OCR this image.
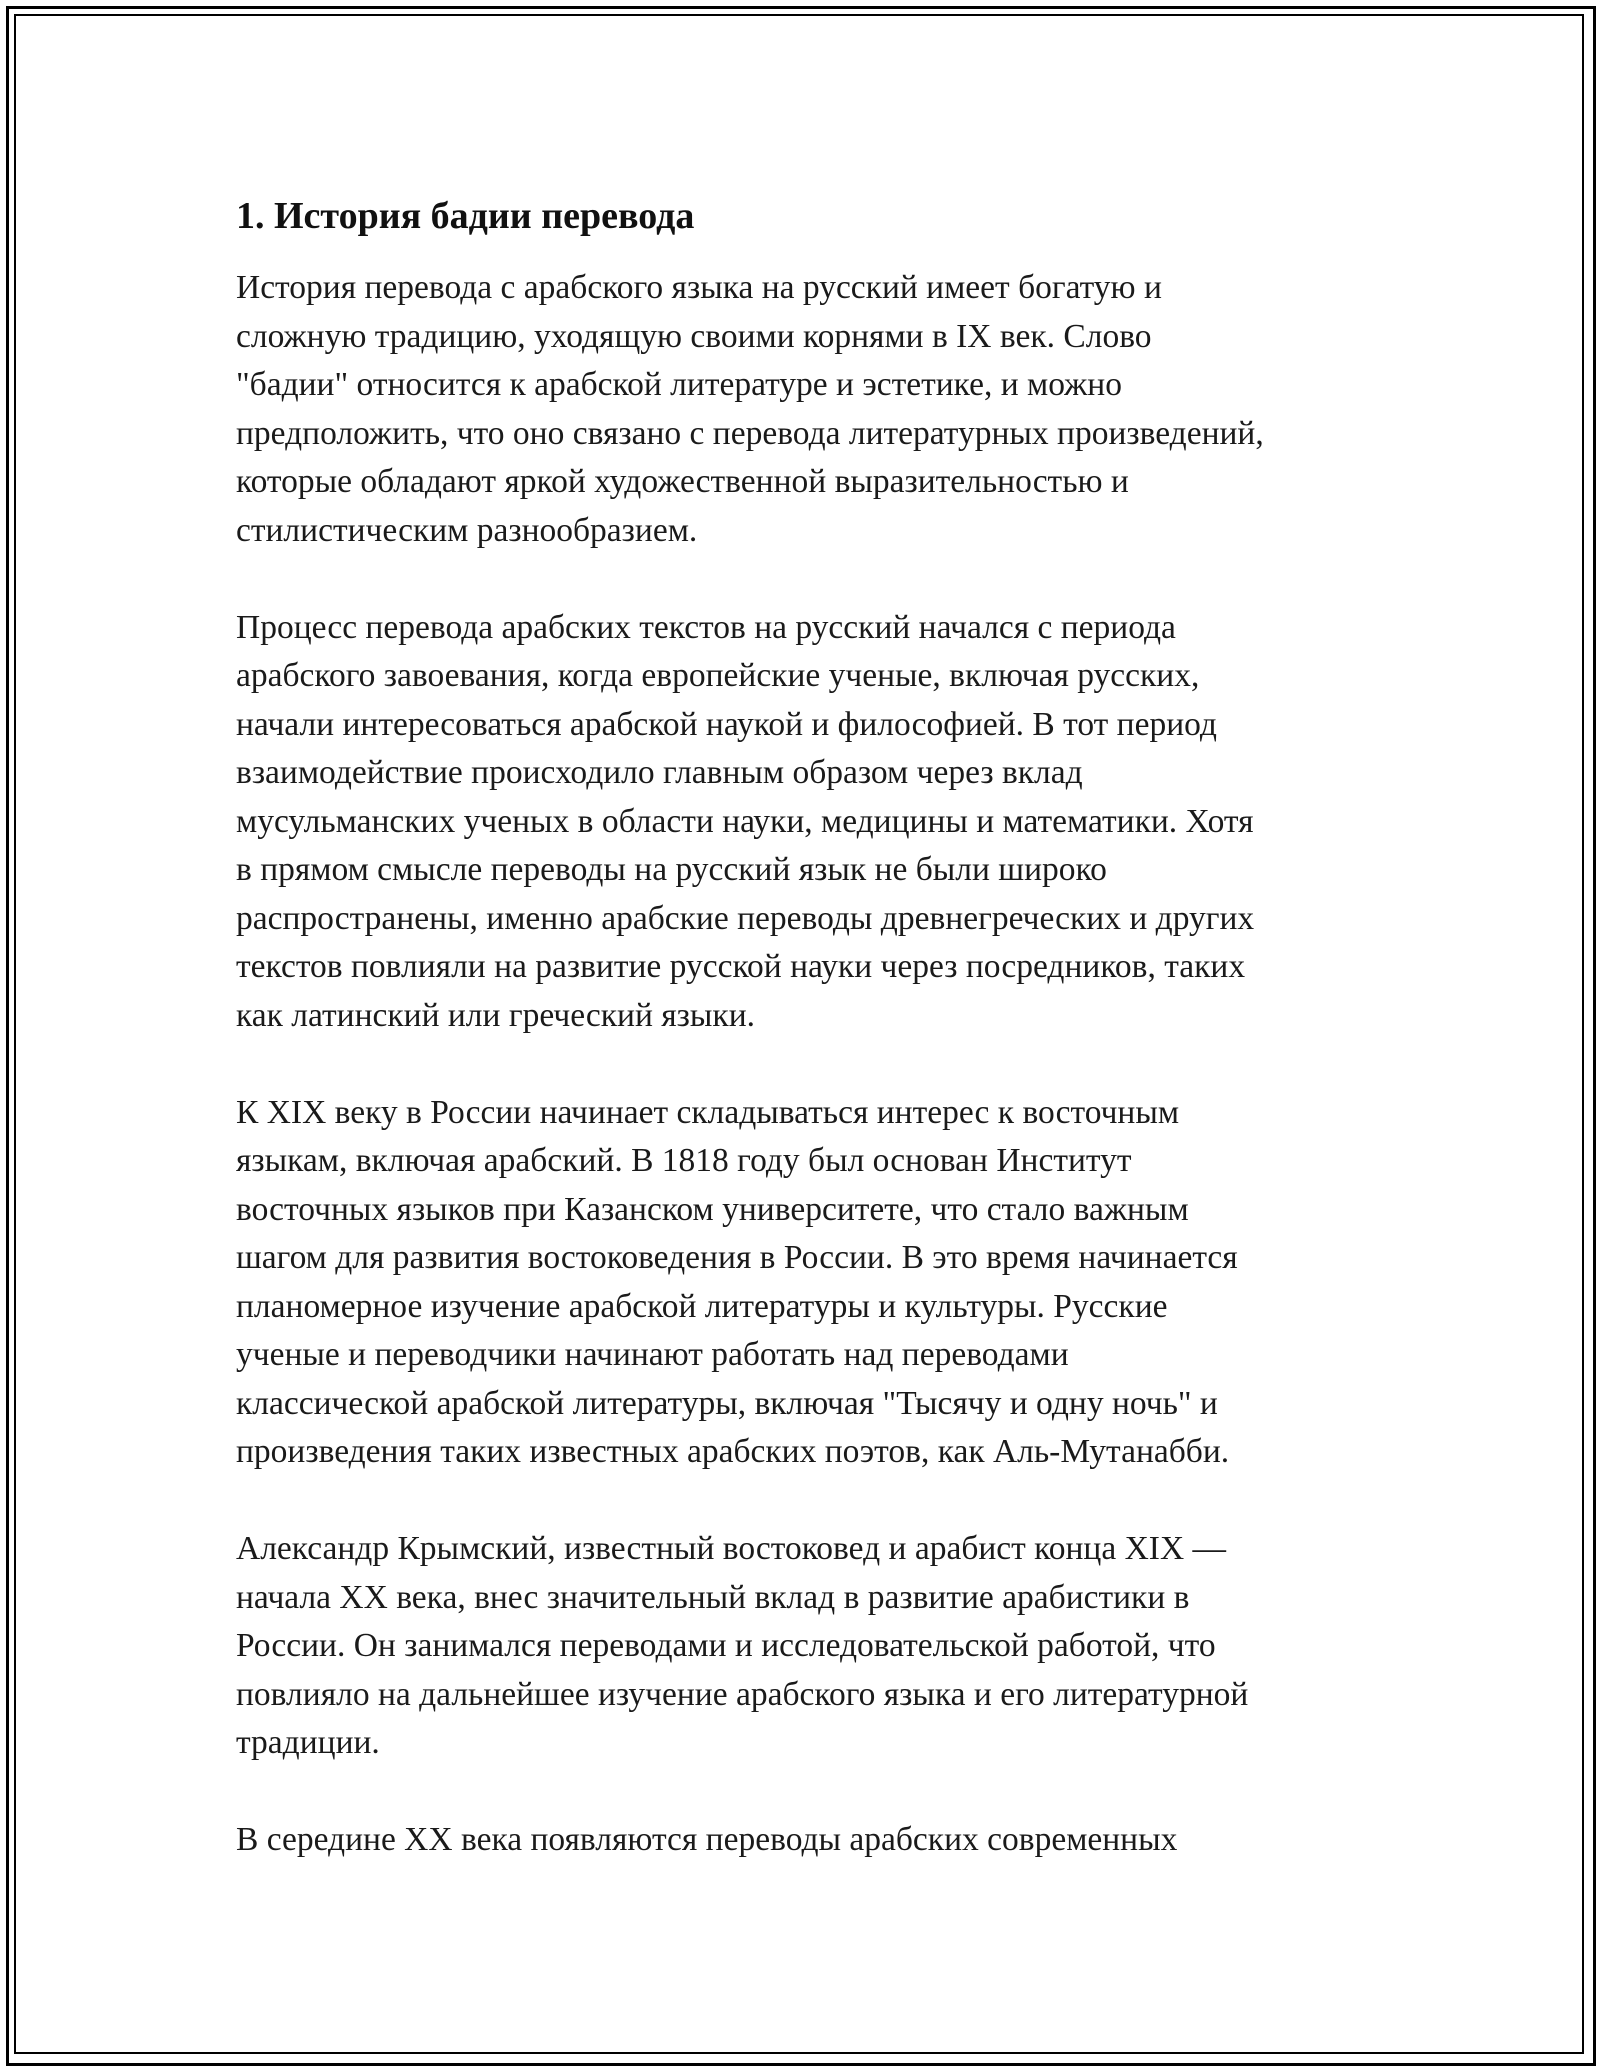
1. История бадии перевода

История перевода с арабского языка на русский имеет богатую и
сложную традицию, уходящую своими корнями в IX век. Слово
"бадии" относится к арабской литературе и эстетике, и можно
предположить, что оно связано с перевода литературных произведений,
которые обладают яркой художественной выразительностью и
стилистическим разнообразием.

Процесс перевода арабских текстов на русский начался с периода
арабского завоевания, когда европейские ученые, включая русских,
начали интересоваться арабской наукой и философией. В тот период
взаимодействие происходило главным образом через вклад
мусульманских ученых в области науки, медицины и математики. Хотя
в прямом смысле переводы на русский язык не были широко
распространены, именно арабские переводы древнегреческих и других
текстов повлияли на развитие русской науки через посредников, таких
как латинский или греческий языки.

К XIX веку в России начинает складываться интерес к восточным
языкам, включая арабский. В 1818 году был основан Институт
восточных языков при Казанском университете, что стало важным
шагом для развития востоковедения в России. В это время начинается
планомерное изучение арабской литературы и культуры. Русские
ученые и переводчики начинают работать над переводами
классической арабской литературы, включая "Тысячу и одну ночь" и
произведения таких известных арабских поэтов, как Аль-Мутанабби.

Александр Крымский, известный востоковед и арабист конца XIX —
начала XX века, внес значительный вклад в развитие арабистики в
России. Он занимался переводами и исследовательской работой, что
повлияло на дальнейшее изучение арабского языка и его литературной
традиции.

В середине XX века появляются переводы арабских современных
